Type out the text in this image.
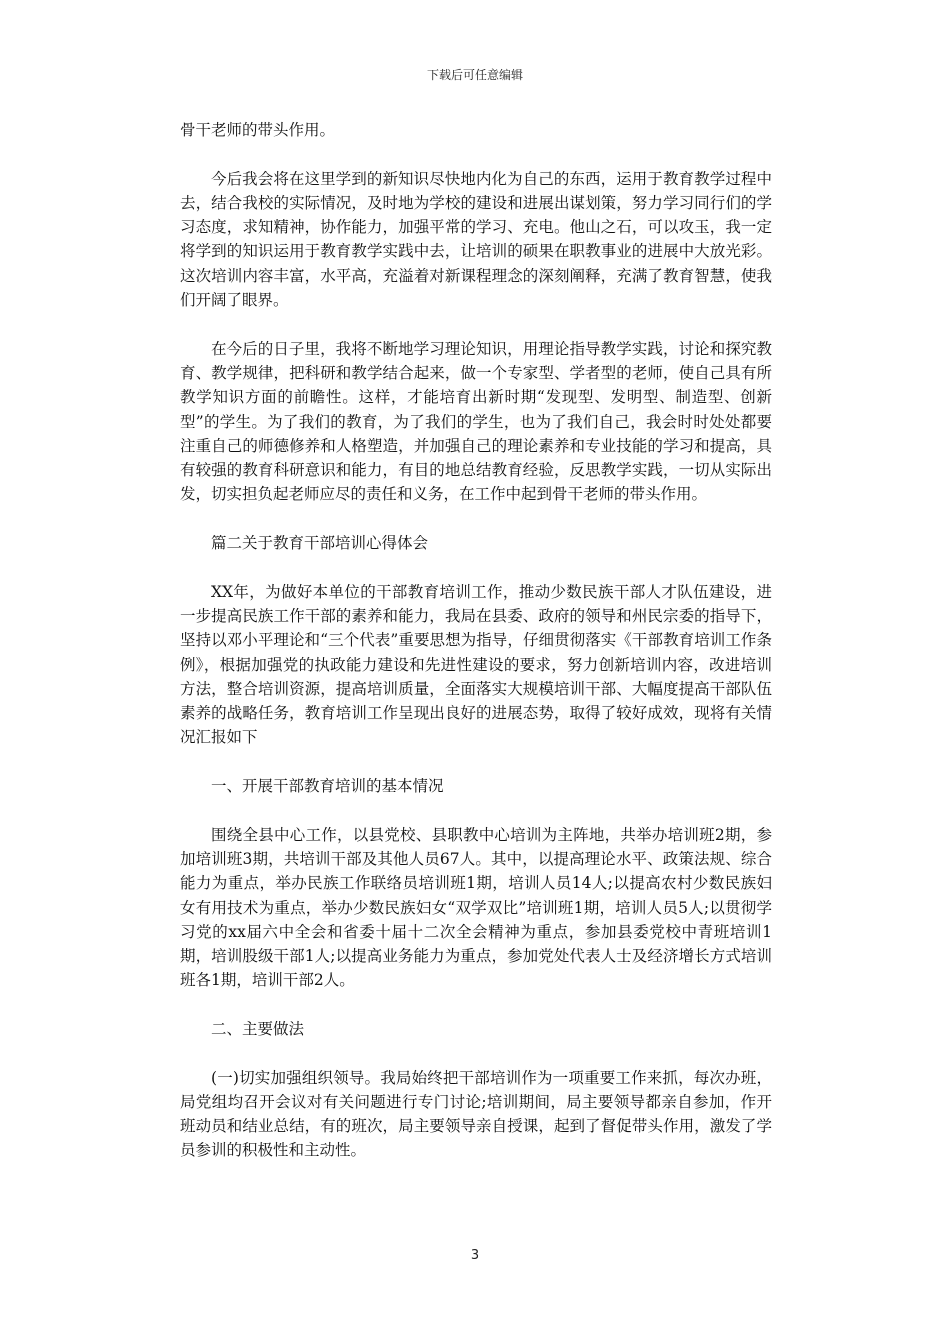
下载后可任意编辑

骨干老师的带头作用。

今后我会将在这里学到的新知识尽快地内化为自己的东西，运用于教育教学过程中去，结合我校的实际情况，及时地为学校的建设和进展出谋划策，努力学习同行们的学习态度，求知精神，协作能力，加强平常的学习、充电。他山之石，可以攻玉，我一定将学到的知识运用于教育教学实践中去，让培训的硕果在职教事业的进展中大放光彩。这次培训内容丰富，水平高，充溢着对新课程理念的深刻阐释，充满了教育智慧，使我们开阔了眼界。

在今后的日子里，我将不断地学习理论知识，用理论指导教学实践，讨论和探究教育、教学规律，把科研和教学结合起来，做一个专家型、学者型的老师，使自己具有所教学知识方面的前瞻性。这样，才能培育出新时期“发现型、发明型、制造型、创新型”的学生。为了我们的教育，为了我们的学生，也为了我们自己，我会时时处处都要注重自己的师德修养和人格塑造，并加强自己的理论素养和专业技能的学习和提高，具有较强的教育科研意识和能力，有目的地总结教育经验，反思教学实践，一切从实际出发，切实担负起老师应尽的责任和义务，在工作中起到骨干老师的带头作用。

篇二关于教育干部培训心得体会

XX年，为做好本单位的干部教育培训工作，推动少数民族干部人才队伍建设，进一步提高民族工作干部的素养和能力，我局在县委、政府的领导和州民宗委的指导下，坚持以邓小平理论和“三个代表”重要思想为指导，仔细贯彻落实《干部教育培训工作条例》，根据加强党的执政能力建设和先进性建设的要求，努力创新培训内容，改进培训方法，整合培训资源，提高培训质量，全面落实大规模培训干部、大幅度提高干部队伍素养的战略任务，教育培训工作呈现出良好的进展态势，取得了较好成效，现将有关情况汇报如下

一、开展干部教育培训的基本情况

围绕全县中心工作，以县党校、县职教中心培训为主阵地，共举办培训班2期，参加培训班3期，共培训干部及其他人员67人。其中，以提高理论水平、政策法规、综合能力为重点，举办民族工作联络员培训班1期，培训人员14人;以提高农村少数民族妇女有用技术为重点，举办少数民族妇女“双学双比”培训班1期，培训人员5人;以贯彻学习党的xx届六中全会和省委十届十二次全会精神为重点，参加县委党校中青班培训1期，培训股级干部1人;以提高业务能力为重点，参加党处代表人士及经济增长方式培训班各1期，培训干部2人。

二、主要做法

(一)切实加强组织领导。我局始终把干部培训作为一项重要工作来抓，每次办班，局党组均召开会议对有关问题进行专门讨论;培训期间，局主要领导都亲自参加，作开班动员和结业总结，有的班次，局主要领导亲自授课，起到了督促带头作用，激发了学员参训的积极性和主动性。

3
